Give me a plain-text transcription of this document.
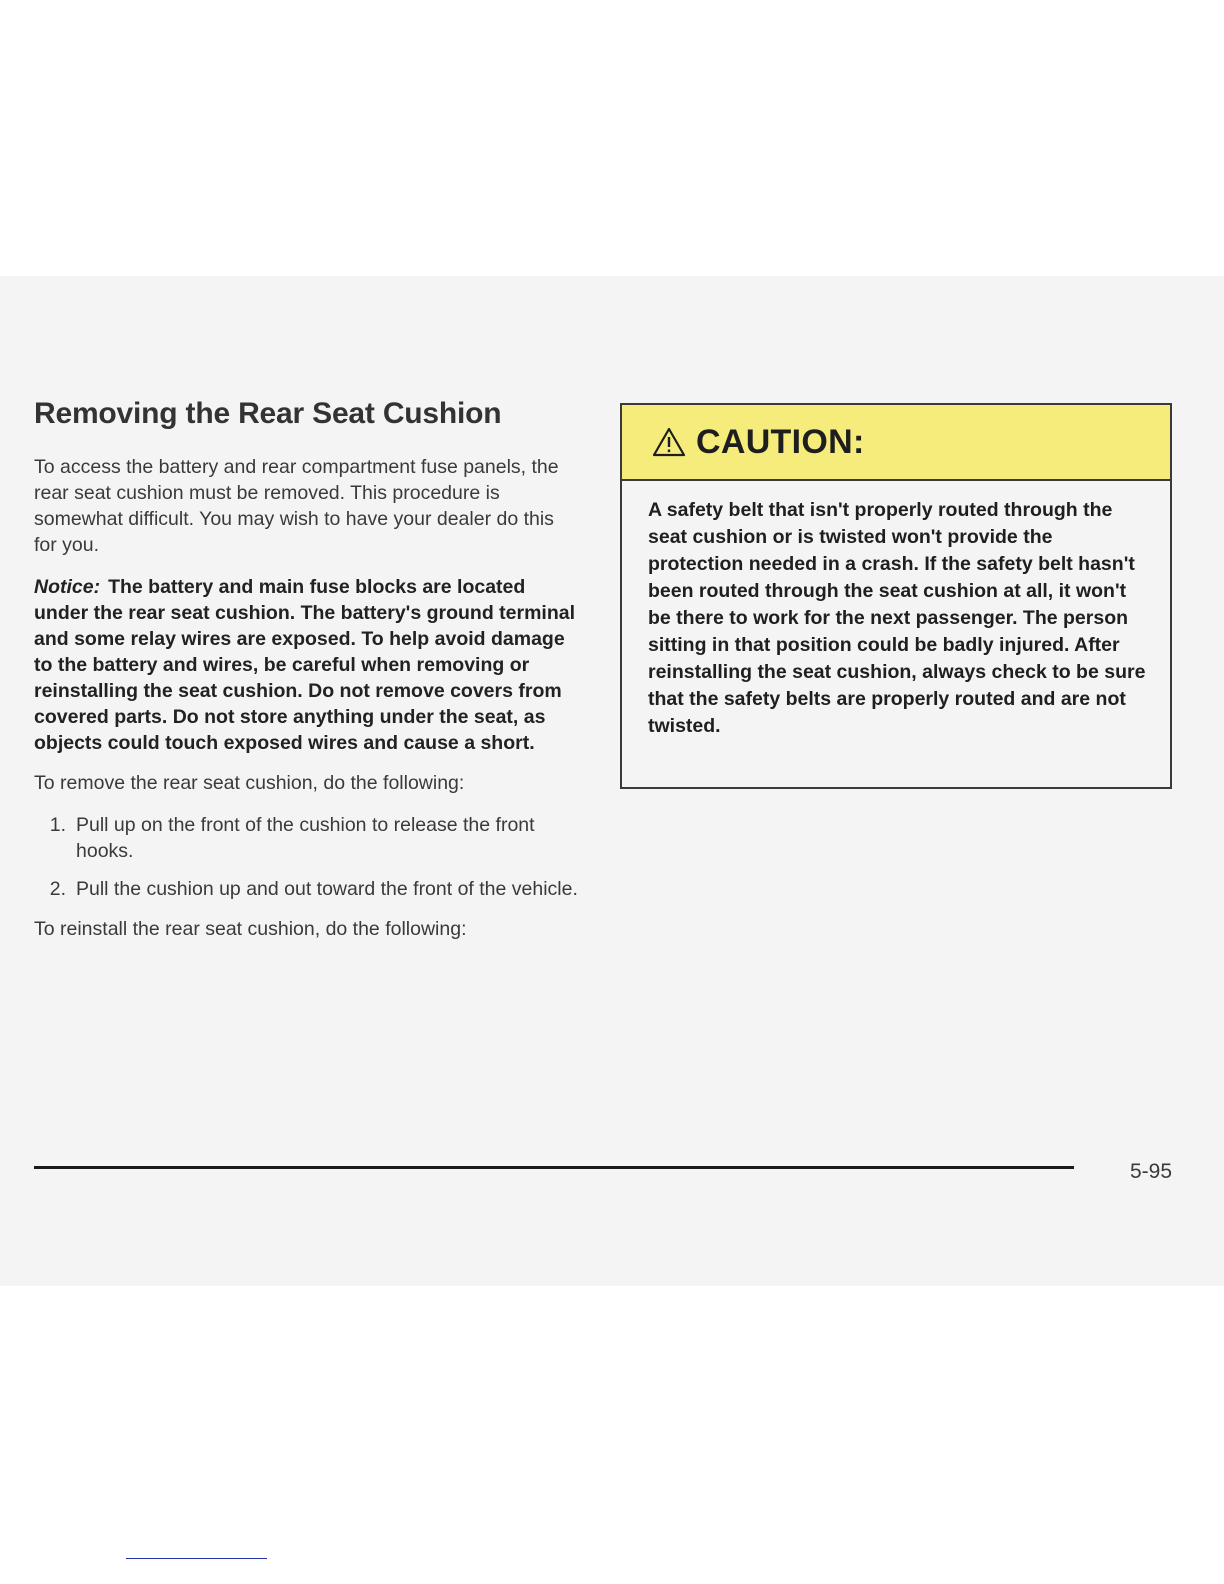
Removing the Rear Seat Cushion

To access the battery and rear compartment fuse panels, the rear seat cushion must be removed. This procedure is somewhat difficult. You may wish to have your dealer do this for you.

Notice: The battery and main fuse blocks are located under the rear seat cushion. The battery's ground terminal and some relay wires are exposed. To help avoid damage to the battery and wires, be careful when removing or reinstalling the seat cushion. Do not remove covers from covered parts. Do not store anything under the seat, as objects could touch exposed wires and cause a short.

To remove the rear seat cushion, do the following:

1. Pull up on the front of the cushion to release the front hooks.
2. Pull the cushion up and out toward the front of the vehicle.

To reinstall the rear seat cushion, do the following:

CAUTION:
A safety belt that isn't properly routed through the seat cushion or is twisted won't provide the protection needed in a crash. If the safety belt hasn't been routed through the seat cushion at all, it won't be there to work for the next passenger. The person sitting in that position could be badly injured. After reinstalling the seat cushion, always check to be sure that the safety belts are properly routed and are not twisted.
5-95
